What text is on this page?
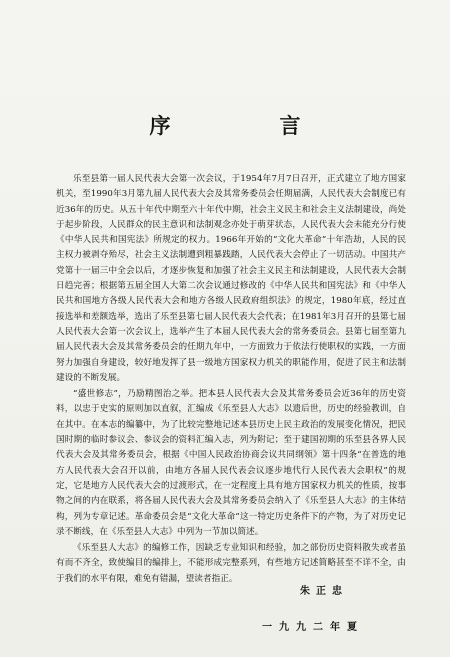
序　言

乐至县第一届人民代表大会第一次会议，于1954年7月7日召开，正式建立了地方国家机关，至1990年3月第九届人民代表大会及其常务委员会任期届满，人民代表大会制度已有近36年的历史。从五十年代中期至六十年代中期，社会主义民主和社会主义法制建设，尚处于起步阶段，人民群众的民主意识和法制观念亦处于萌芽状态，人民代表大会未能充分行使《中华人民共和国宪法》所规定的权力。1966年开始的“文化大革命”十年浩劫，人民的民主权力被剥夺殆尽，社会主义法制遭到粗暴践踏，人民代表大会停止了一切活动。中国共产党第十一届三中全会以后，才逐步恢复和加强了社会主义民主和法制建设，人民代表大会制日趋完善；根据第五届全国人大第二次会议通过修改的《中华人民共和国宪法》和《中华人民共和国地方各级人民代表大会和地方各级人民政府组织法》的规定，1980年底，经过直接选举和差额选举，选出了乐至县第七届人民代表大会代表；在1981年3月召开的县第七届人民代表大会第一次会议上，选举产生了本届人民代表大会的常务委员会。县第七届至第九届人民代表大会及其常务委员会的任期九年中，一方面致力于依法行使职权的实践，一方面努力加强自身建设，较好地发挥了县一级地方国家权力机关的职能作用，促进了民主和法制建设的不断发展。

“盛世修志”，乃励精图治之举。把本县人民代表大会及其常务委员会近36年的历史资料，以忠于史实的原则加以直叙，汇编成《乐至县人大志》以遗后世，历史的经验教训，自在其中。在本志的编纂中，为了比较完整地记述本县历史上民主政治的发展变化情况，把民国时期的临时参议会、参议会的资料汇编入志，列为附记；至于建国初期的乐至县各界人民代表大会及其常务委员会，根据《中国人民政治协商会议共同纲领》第十四条“在普选的地方人民代表大会召开以前，由地方各届人民代表会议逐步地代行人民代表大会职权”的规定，它是地方人民代表大会的过渡形式，在一定程度上具有地方国家权力机关的性质，按事物之间的内在联系，将各届人民代表大会及其常务委员会纳入了《乐至县人大志》的主体结构，列为专章记述。革命委员会是“文化大革命”这一特定历史条件下的产物，为了对历史记录不断线，在《乐至县人大志》中列为一节加以简述。

《乐至县人大志》的编修工作，因缺乏专业知识和经验，加之部份历史资料散失或者虽有而不齐全，致使编目的编排上，不能形成完整系列，有些地方记述简略甚至不详不全，由于我们的水平有限，难免有错漏，望读者指正。

朱正忠
一九九二年夏
